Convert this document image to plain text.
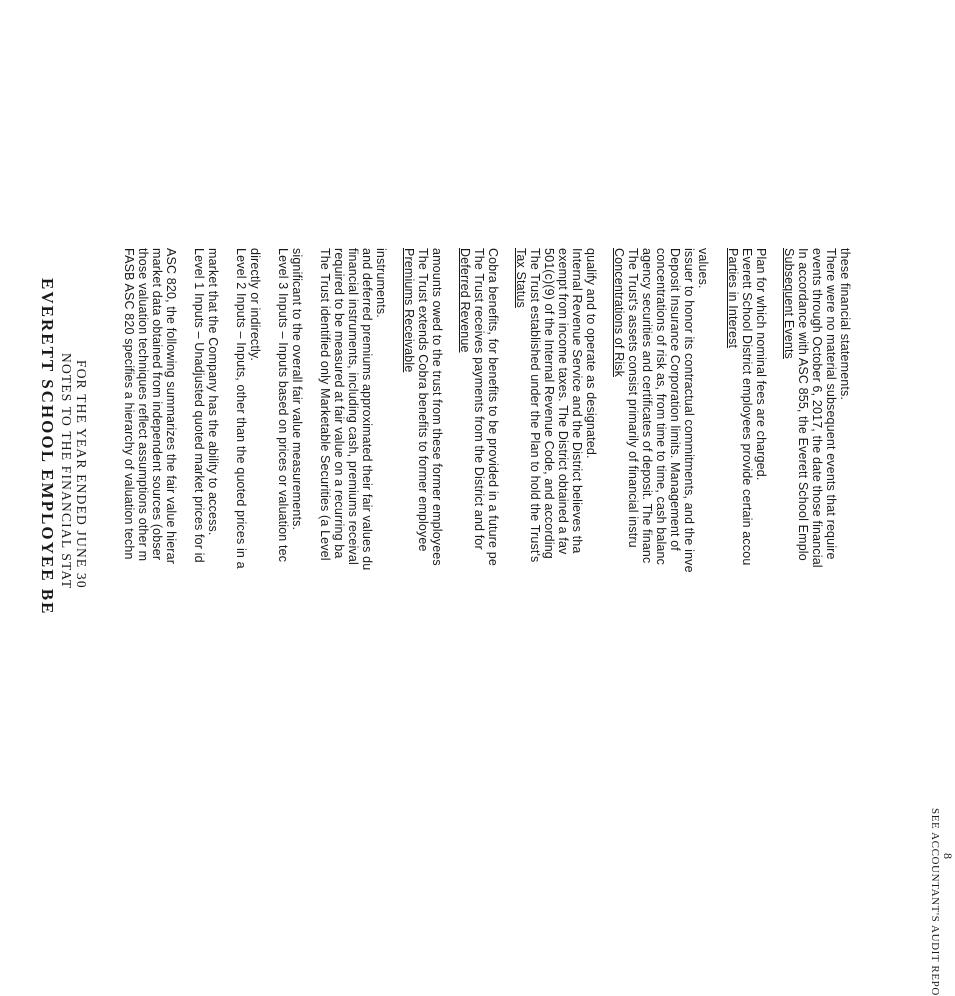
EVERETT SCHOOL EMPLOYEE BE NOTES TO THE FINANCIAL STAT FOR THE YEAR ENDED JUNE 30	FASB ASC 820 specifies a hierarchy of valuation techn those valuation techniques reflect assumptions other m market data obtained from independent sources (obser ASC 820, the following summarizes the fair value hierar Level 1 Inputs – Unadjusted quoted market prices for id market that the Company has the ability to access. Level 2 Inputs – Inputs, other than the quoted prices in a directly or indirectly. Level 3 Inputs – Inputs based on prices or valuation tec significant to the overall fair value measurements. The Trust identified only Marketable Securities (a Level required to be measured at fair value on a recurring ba financial instruments, including cash, premiums receival and deferred premiums approximated their fair values du instruments. Premiums Receivable The Trust extends Cobra benefits to former employee amounts owed to the trust from these former employees Deferred Revenue The Trust receives payments from the District and for Cobra benefits, for benefits to be provided in a future pe Tax Status The Trust established under the Plan to hold the Trust's 501(c)(9) of the Internal Revenue Code, and according exempt from income taxes. The District obtained a fav Internal Revenue Service and the District believes tha qualify and to operate as designated. Concentrations of Risk The Trust's assets consist primarily of financial instru agency securities and certificates of deposit. The financ concentrations of risk as, from time to time, cash balanc Deposit Insurance Corporation limits. Management of issuer to honor its contractual commitments, and the inve values. Parties in Interest Everett School District employees provide certain accou Plan for which nominal fees are charged. Subsequent Events In accordance with ASC 855, the Everett School Emplo events through October 6, 2017, the date those financial There were no material subsequent events that require these financial statements.
SEE ACCOUNTANT'S AUDIT REPO 8
